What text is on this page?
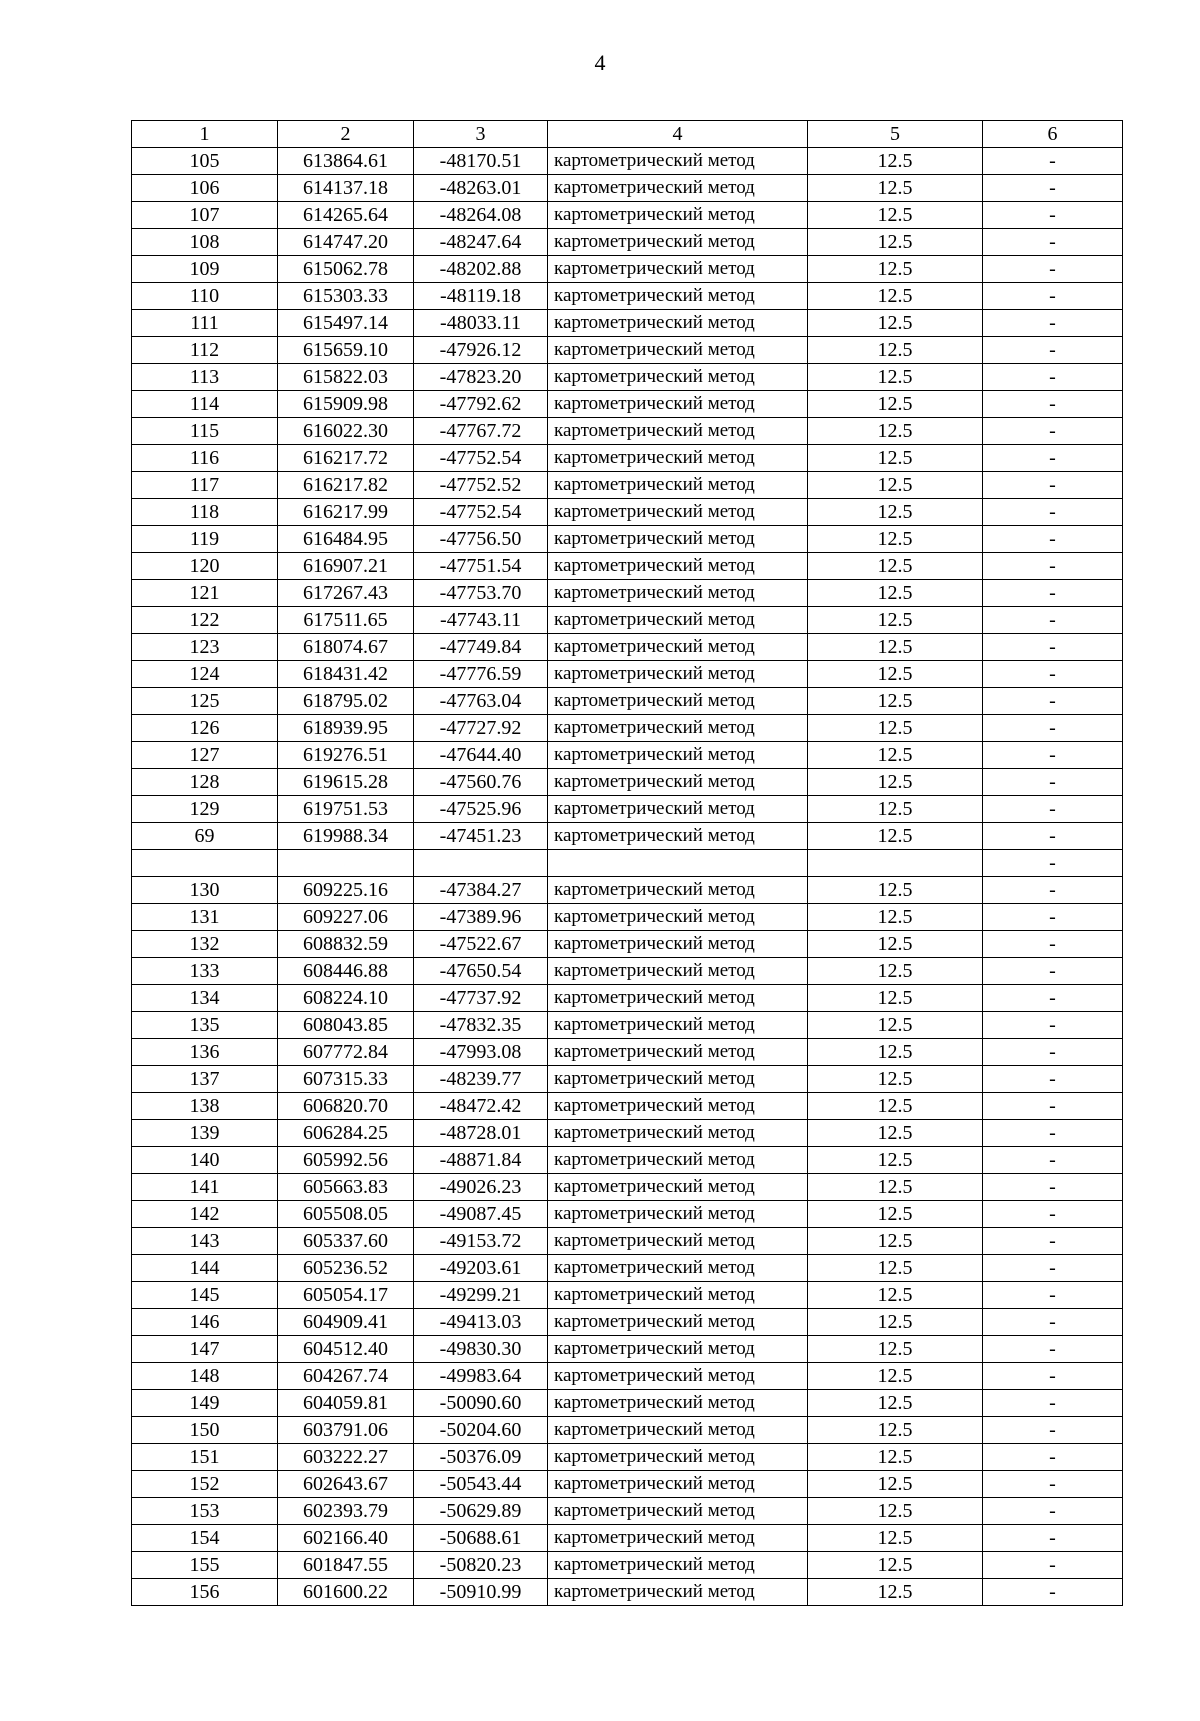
4
1	2	3	4	5	6
105	613864.61	-48170.51	картометрический метод	12.5	-
106	614137.18	-48263.01	картометрический метод	12.5	-
107	614265.64	-48264.08	картометрический метод	12.5	-
108	614747.20	-48247.64	картометрический метод	12.5	-
109	615062.78	-48202.88	картометрический метод	12.5	-
110	615303.33	-48119.18	картометрический метод	12.5	-
111	615497.14	-48033.11	картометрический метод	12.5	-
112	615659.10	-47926.12	картометрический метод	12.5	-
113	615822.03	-47823.20	картометрический метод	12.5	-
114	615909.98	-47792.62	картометрический метод	12.5	-
115	616022.30	-47767.72	картометрический метод	12.5	-
116	616217.72	-47752.54	картометрический метод	12.5	-
117	616217.82	-47752.52	картометрический метод	12.5	-
118	616217.99	-47752.54	картометрический метод	12.5	-
119	616484.95	-47756.50	картометрический метод	12.5	-
120	616907.21	-47751.54	картометрический метод	12.5	-
121	617267.43	-47753.70	картометрический метод	12.5	-
122	617511.65	-47743.11	картометрический метод	12.5	-
123	618074.67	-47749.84	картометрический метод	12.5	-
124	618431.42	-47776.59	картометрический метод	12.5	-
125	618795.02	-47763.04	картометрический метод	12.5	-
126	618939.95	-47727.92	картометрический метод	12.5	-
127	619276.51	-47644.40	картометрический метод	12.5	-
128	619615.28	-47560.76	картометрический метод	12.5	-
129	619751.53	-47525.96	картометрический метод	12.5	-
69	619988.34	-47451.23	картометрический метод	12.5	-
					-
130	609225.16	-47384.27	картометрический метод	12.5	-
131	609227.06	-47389.96	картометрический метод	12.5	-
132	608832.59	-47522.67	картометрический метод	12.5	-
133	608446.88	-47650.54	картометрический метод	12.5	-
134	608224.10	-47737.92	картометрический метод	12.5	-
135	608043.85	-47832.35	картометрический метод	12.5	-
136	607772.84	-47993.08	картометрический метод	12.5	-
137	607315.33	-48239.77	картометрический метод	12.5	-
138	606820.70	-48472.42	картометрический метод	12.5	-
139	606284.25	-48728.01	картометрический метод	12.5	-
140	605992.56	-48871.84	картометрический метод	12.5	-
141	605663.83	-49026.23	картометрический метод	12.5	-
142	605508.05	-49087.45	картометрический метод	12.5	-
143	605337.60	-49153.72	картометрический метод	12.5	-
144	605236.52	-49203.61	картометрический метод	12.5	-
145	605054.17	-49299.21	картометрический метод	12.5	-
146	604909.41	-49413.03	картометрический метод	12.5	-
147	604512.40	-49830.30	картометрический метод	12.5	-
148	604267.74	-49983.64	картометрический метод	12.5	-
149	604059.81	-50090.60	картометрический метод	12.5	-
150	603791.06	-50204.60	картометрический метод	12.5	-
151	603222.27	-50376.09	картометрический метод	12.5	-
152	602643.67	-50543.44	картометрический метод	12.5	-
153	602393.79	-50629.89	картометрический метод	12.5	-
154	602166.40	-50688.61	картометрический метод	12.5	-
155	601847.55	-50820.23	картометрический метод	12.5	-
156	601600.22	-50910.99	картометрический метод	12.5	-
